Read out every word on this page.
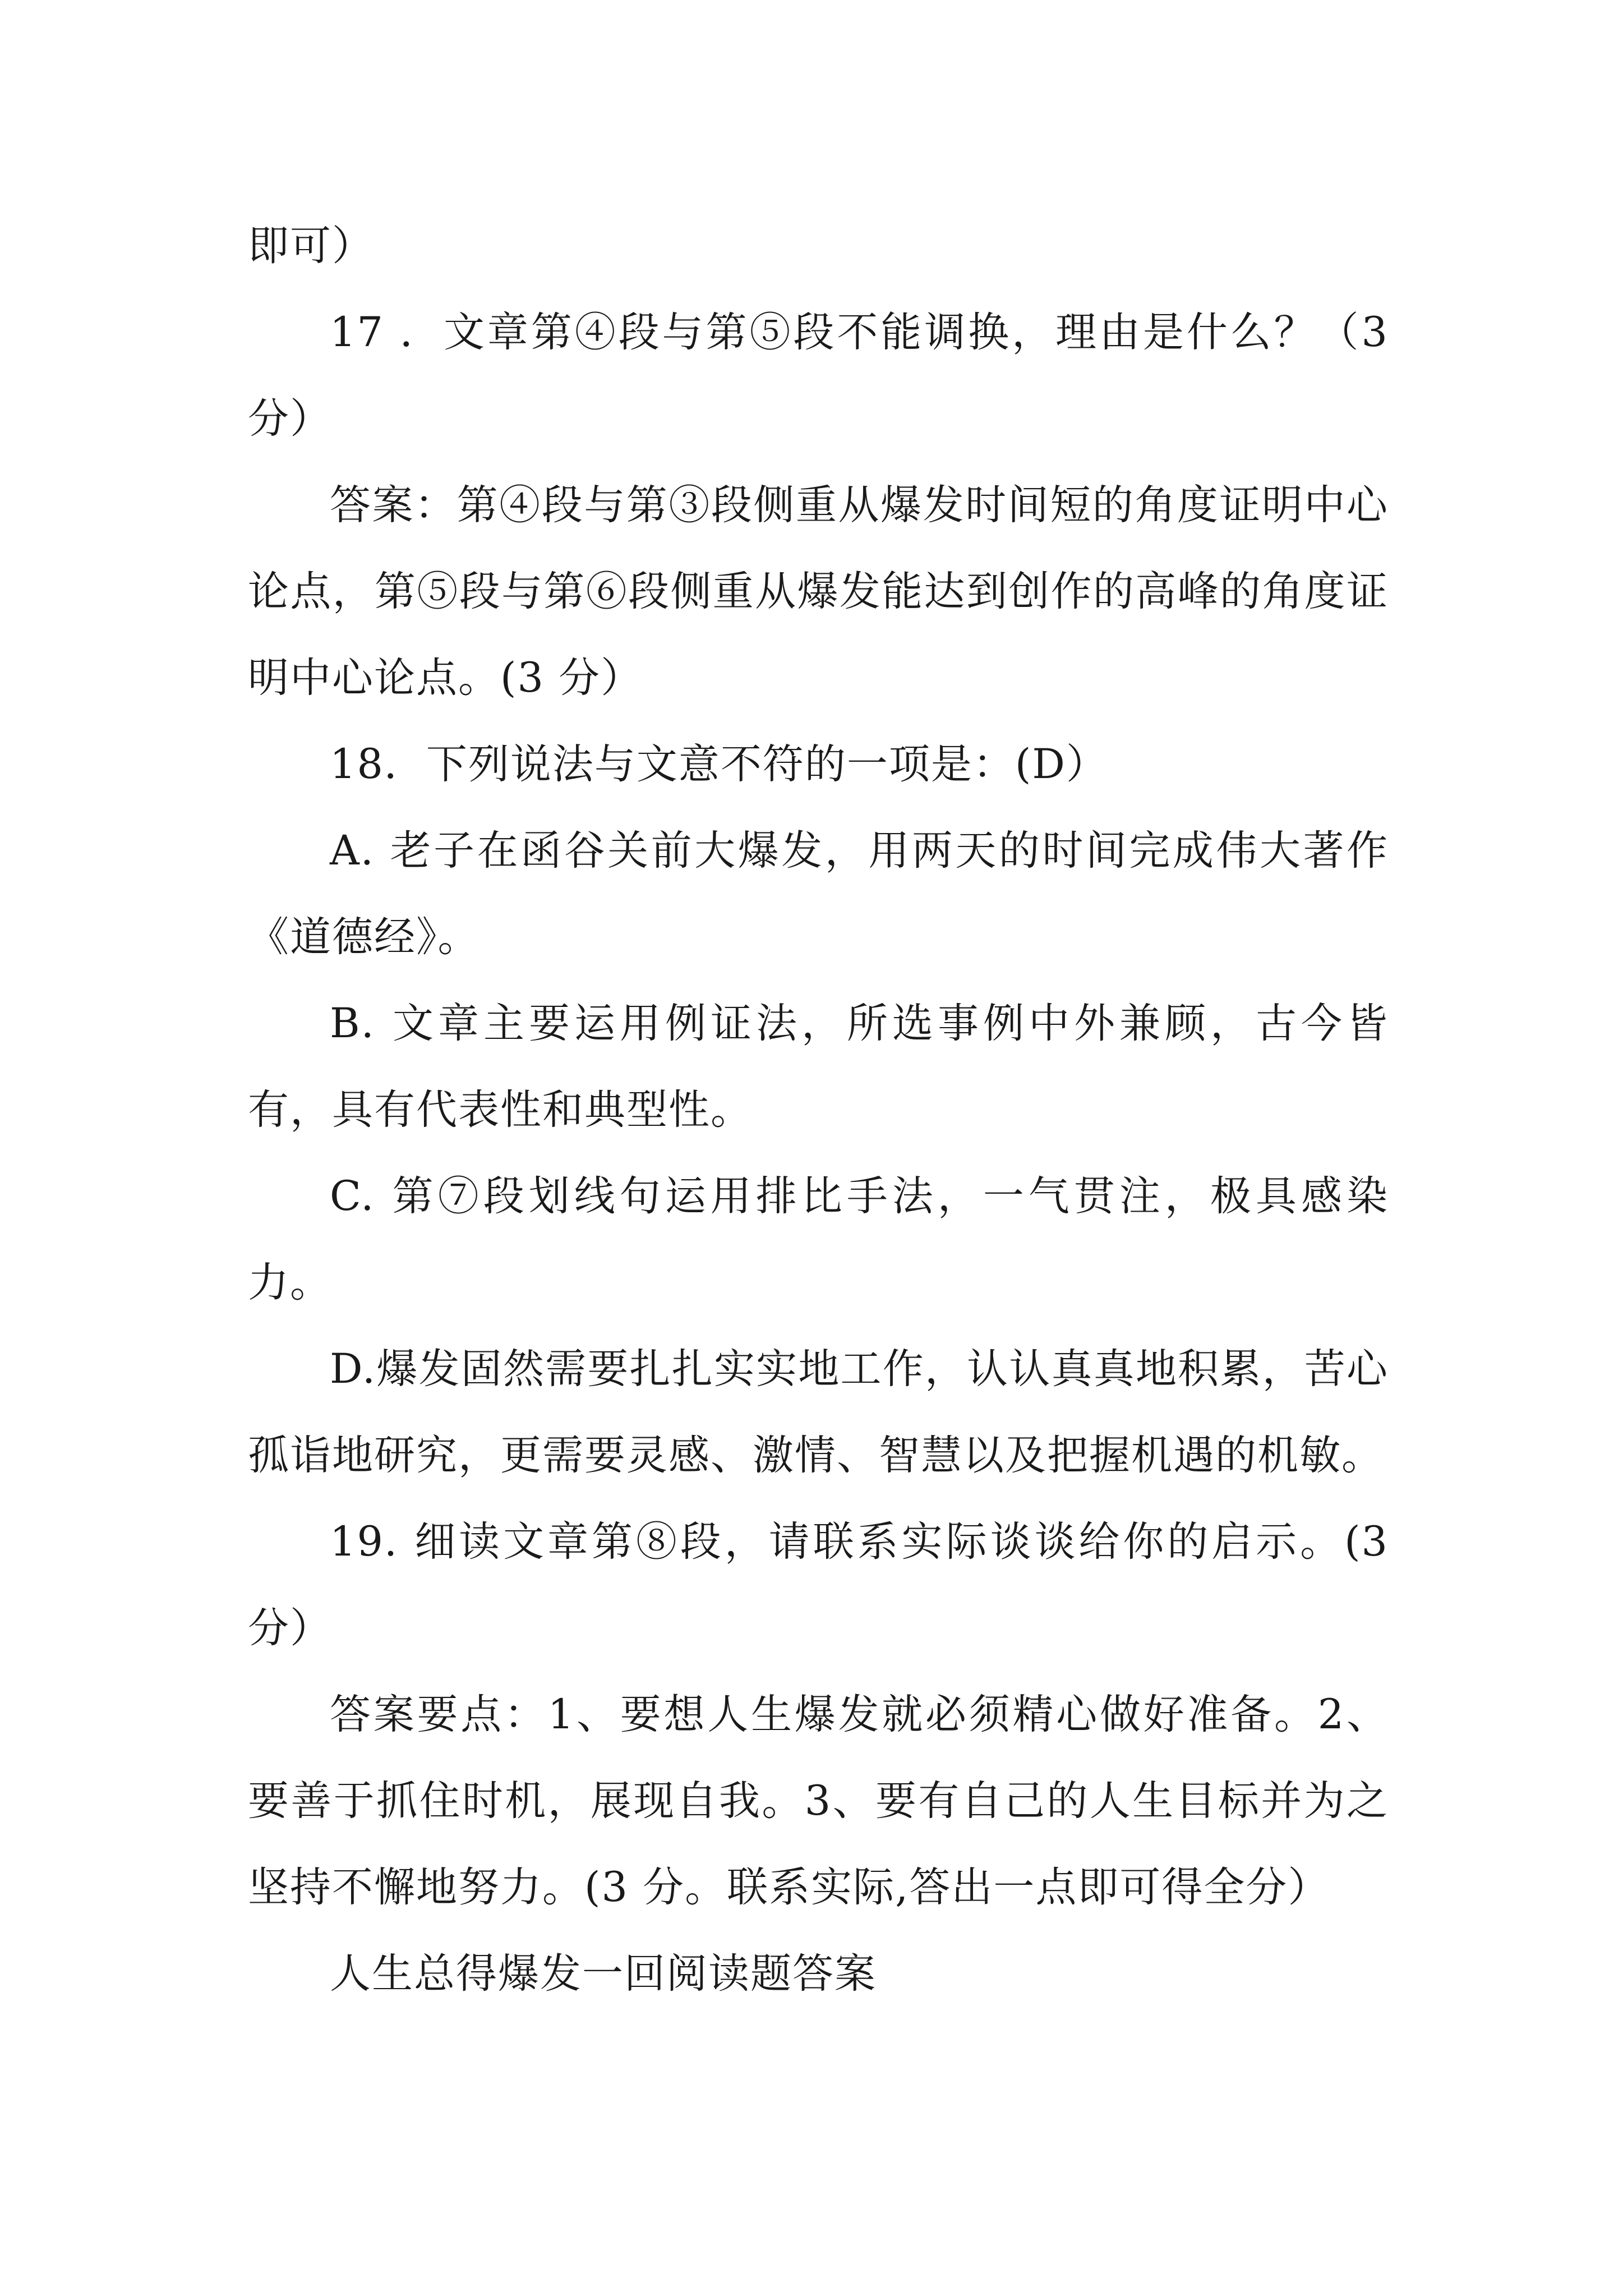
即可）

17 ．文章第④段与第⑤段不能调换，理由是什么？（3分）

答案：第④段与第③段侧重从爆发时间短的角度证明中心论点，第⑤段与第⑥段侧重从爆发能达到创作的高峰的角度证明中心论点。(3 分）

18．下列说法与文意不符的一项是：(D）

A. 老子在函谷关前大爆发，用两天的时间完成伟大著作《道德经》。

B. 文章主要运用例证法，所选事例中外兼顾，古今皆有，具有代表性和典型性。

C. 第⑦段划线句运用排比手法，一气贯注，极具感染力。

D.爆发固然需要扎扎实实地工作，认认真真地积累，苦心孤诣地研究，更需要灵感、激情、智慧以及把握机遇的机敏。

19. 细读文章第⑧段，请联系实际谈谈给你的启示。(3分）

答案要点：1、要想人生爆发就必须精心做好准备。2、要善于抓住时机，展现自我。3、要有自己的人生目标并为之坚持不懈地努力。(3 分。联系实际,答出一点即可得全分）

人生总得爆发一回阅读题答案
